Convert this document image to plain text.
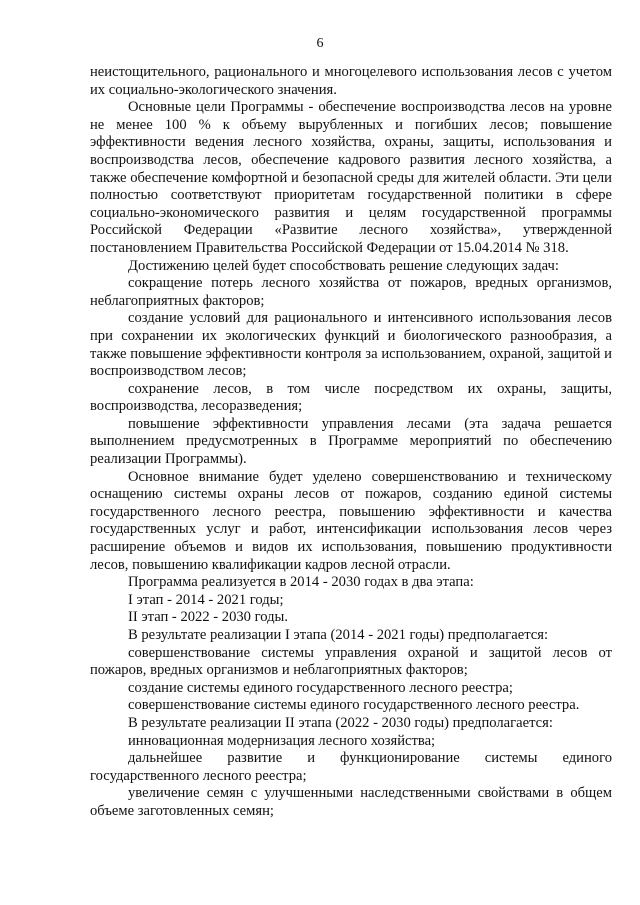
6

неистощительного, рационального и многоцелевого использования лесов с учетом их социально-экологического значения.

Основные цели Программы - обеспечение воспроизводства лесов на уровне не менее 100 % к объему вырубленных и погибших лесов; повышение эффективности ведения лесного хозяйства, охраны, защиты, использования и воспроизводства лесов, обеспечение кадрового развития лесного хозяйства, а также обеспечение комфортной и безопасной среды для жителей области. Эти цели полностью соответствуют приоритетам государственной политики в сфере социально-экономического развития и целям государственной программы Российской Федерации «Развитие лесного хозяйства», утвержденной постановлением Правительства Российской Федерации от 15.04.2014 № 318.

Достижению целей будет способствовать решение следующих задач:

сокращение потерь лесного хозяйства от пожаров, вредных организмов, неблагоприятных факторов;

создание условий для рационального и интенсивного использования лесов при сохранении их экологических функций и биологического разнообразия, а также повышение эффективности контроля за использованием, охраной, защитой и воспроизводством лесов;

сохранение лесов, в том числе посредством их охраны, защиты, воспроизводства, лесоразведения;

повышение эффективности управления лесами (эта задача решается выполнением предусмотренных в Программе мероприятий по обеспечению реализации Программы).

Основное внимание будет уделено совершенствованию и техническому оснащению системы охраны лесов от пожаров, созданию единой системы государственного лесного реестра, повышению эффективности и качества государственных услуг и работ, интенсификации использования лесов через расширение объемов и видов их использования, повышению продуктивности лесов, повышению квалификации кадров лесной отрасли.

Программа реализуется в 2014 - 2030 годах в два этапа:

I этап - 2014 - 2021 годы;

II этап - 2022 - 2030 годы.

В результате реализации I этапа (2014 - 2021 годы) предполагается:

совершенствование системы управления охраной и защитой лесов от пожаров, вредных организмов и неблагоприятных факторов;

создание системы единого государственного лесного реестра;

совершенствование системы единого государственного лесного реестра.

В результате реализации II этапа (2022 - 2030 годы) предполагается:

инновационная модернизация лесного хозяйства;

дальнейшее развитие и функционирование системы единого государственного лесного реестра;

увеличение семян с улучшенными наследственными свойствами в общем объеме заготовленных семян;
